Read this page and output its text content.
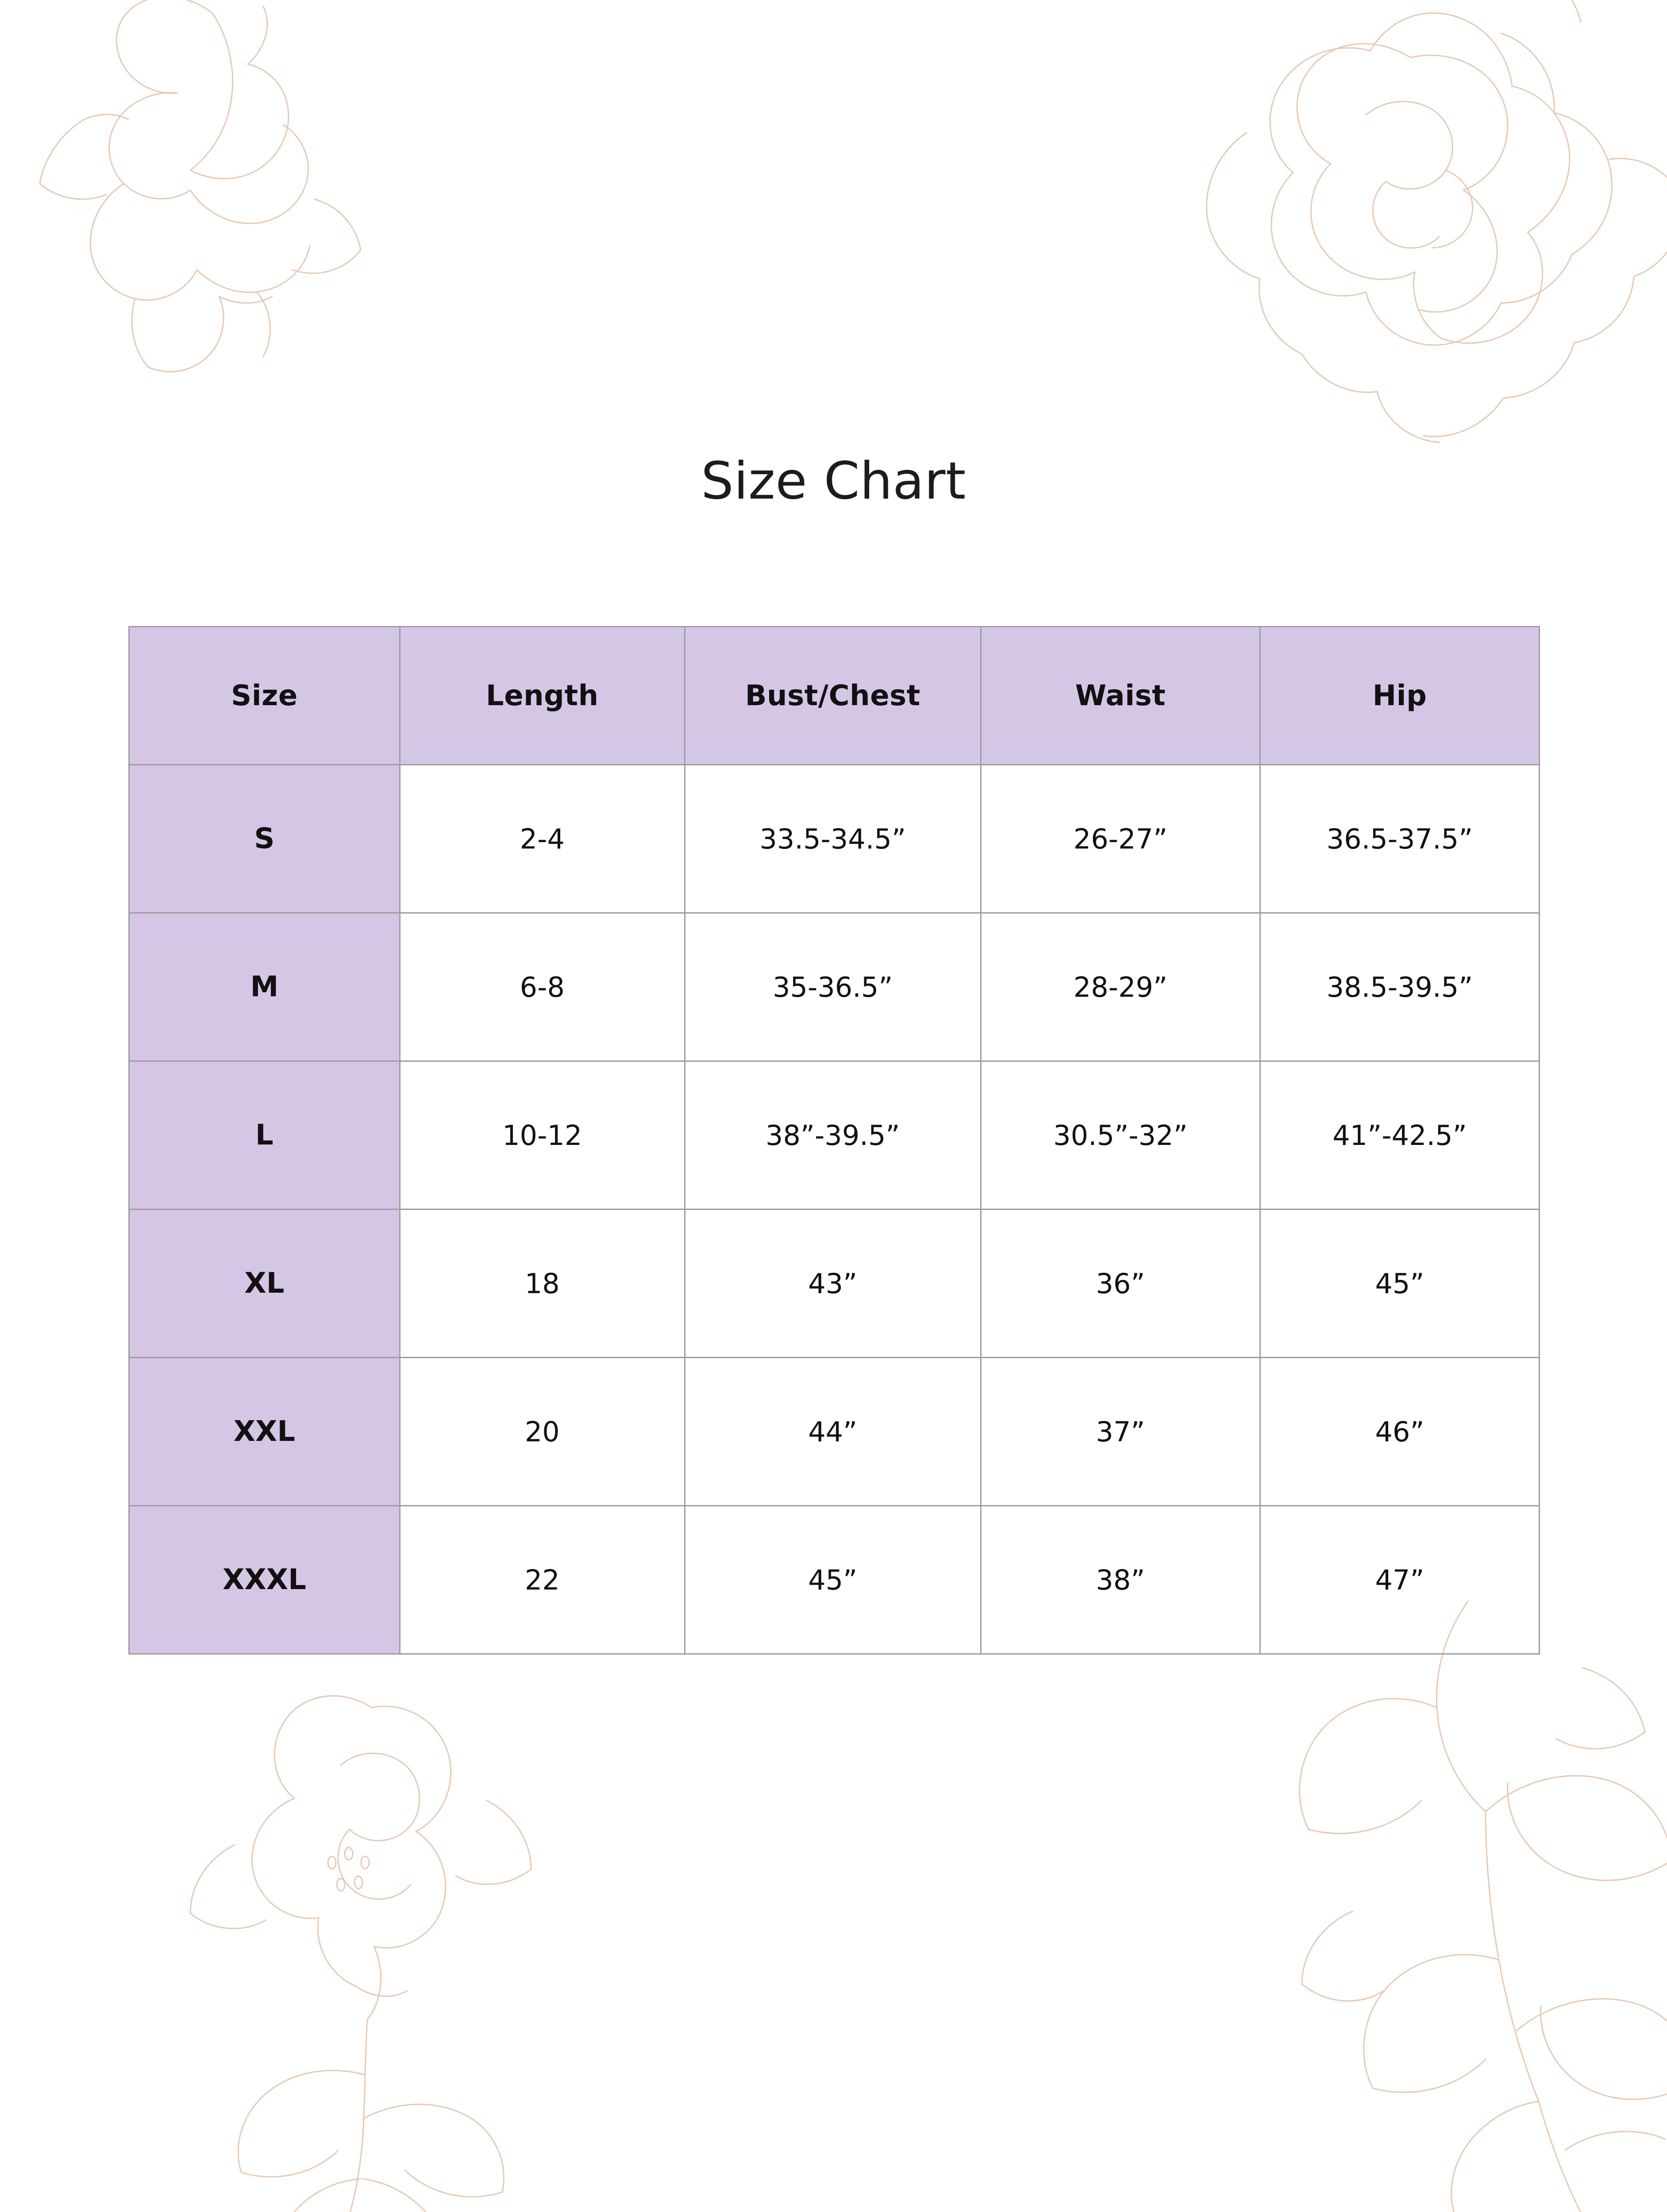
Size Chart
Size	Length	Bust/Chest	Waist	Hip
S	2-4	33.5-34.5”	26-27”	36.5-37.5”
M	6-8	35-36.5”	28-29”	38.5-39.5”
L	10-12	38”-39.5”	30.5”-32”	41”-42.5”
XL	18	43”	36”	45”
XXL	20	44”	37”	46”
XXXL	22	45”	38”	47”
